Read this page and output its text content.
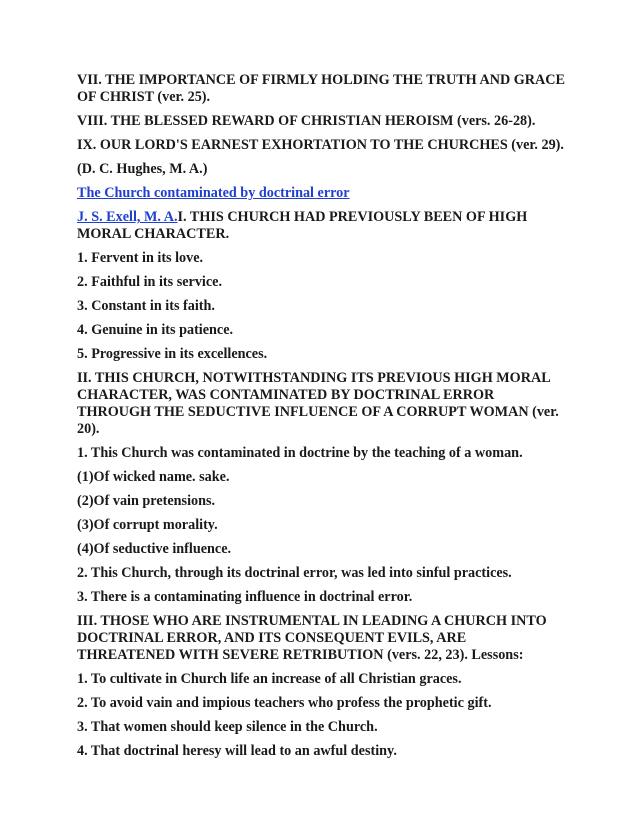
VII. THE IMPORTANCE OF FIRMLY HOLDING THE TRUTH AND GRACE OF CHRIST (ver. 25).

VIII. THE BLESSED REWARD OF CHRISTIAN HEROISM (vers. 26-28).

IX. OUR LORD'S EARNEST EXHORTATION TO THE CHURCHES (ver. 29).

(D. C. Hughes, M. A.)

The Church contaminated by doctrinal error

J. S. Exell, M. A.I. THIS CHURCH HAD PREVIOUSLY BEEN OF HIGH MORAL CHARACTER.

1. Fervent in its love.

2. Faithful in its service.

3. Constant in its faith.

4. Genuine in its patience.

5. Progressive in its excellences.

II. THIS CHURCH, NOTWITHSTANDING ITS PREVIOUS HIGH MORAL CHARACTER, WAS CONTAMINATED BY DOCTRINAL ERROR THROUGH THE SEDUCTIVE INFLUENCE OF A CORRUPT WOMAN (ver. 20).

1. This Church was contaminated in doctrine by the teaching of a woman.

(1)Of wicked name. sake.

(2)Of vain pretensions.

(3)Of corrupt morality.

(4)Of seductive influence.

2. This Church, through its doctrinal error, was led into sinful practices.

3. There is a contaminating influence in doctrinal error.

III. THOSE WHO ARE INSTRUMENTAL IN LEADING A CHURCH INTO DOCTRINAL ERROR, AND ITS CONSEQUENT EVILS, ARE THREATENED WITH SEVERE RETRIBUTION (vers. 22, 23). Lessons:

1. To cultivate in Church life an increase of all Christian graces.

2. To avoid vain and impious teachers who profess the prophetic gift.

3. That women should keep silence in the Church.

4. That doctrinal heresy will lead to an awful destiny.
